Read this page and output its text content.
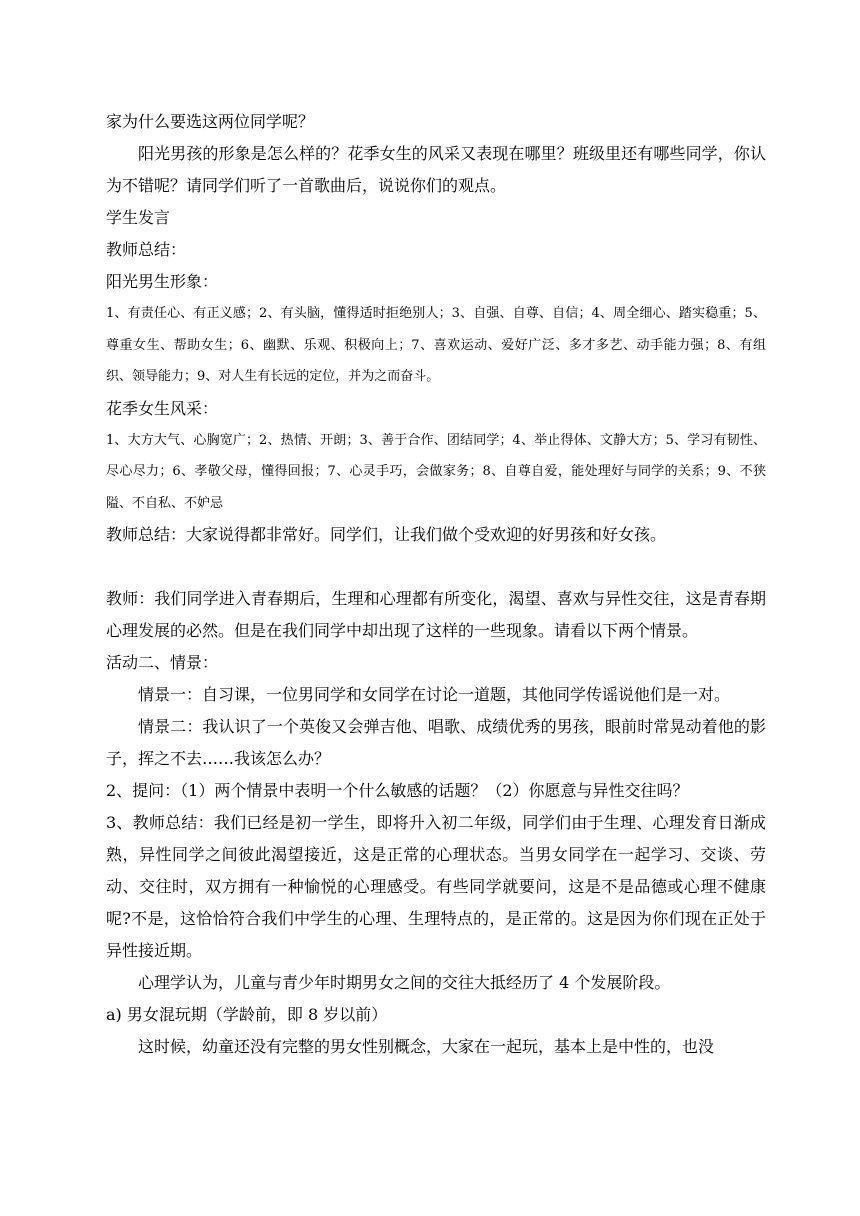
家为什么要选这两位同学呢？

阳光男孩的形象是怎么样的？花季女生的风采又表现在哪里？班级里还有哪些同学，你认为不错呢？请同学们听了一首歌曲后，说说你们的观点。

学生发言

教师总结：

阳光男生形象：

1、有责任心、有正义感；2、有头脑，懂得适时拒绝别人；3、自强、自尊、自信；4、周全细心、踏实稳重；5、尊重女生、帮助女生；6、幽默、乐观、积极向上；7、喜欢运动、爱好广泛、多才多艺、动手能力强；8、有组织、领导能力；9、对人生有长远的定位，并为之而奋斗。

花季女生风采：

1、大方大气、心胸宽广；2、热情、开朗；3、善于合作、团结同学；4、举止得体、文静大方；5、学习有韧性、尽心尽力；6、孝敬父母，懂得回报；7、心灵手巧，会做家务；8、自尊自爱，能处理好与同学的关系；9、不狭隘、不自私、不妒忌

教师总结：大家说得都非常好。同学们，让我们做个受欢迎的好男孩和好女孩。

教师：我们同学进入青春期后，生理和心理都有所变化，渴望、喜欢与异性交往，这是青春期心理发展的必然。但是在我们同学中却出现了这样的一些现象。请看以下两个情景。

活动二、情景：

情景一：自习课，一位男同学和女同学在讨论一道题，其他同学传谣说他们是一对。

情景二：我认识了一个英俊又会弹吉他、唱歌、成绩优秀的男孩，眼前时常晃动着他的影子，挥之不去……我该怎么办？

2、提问：（1）两个情景中表明一个什么敏感的话题？（2）你愿意与异性交往吗？

3、教师总结：我们已经是初一学生，即将升入初二年级，同学们由于生理、心理发育日渐成熟，异性同学之间彼此渴望接近，这是正常的心理状态。当男女同学在一起学习、交谈、劳动、交往时，双方拥有一种愉悦的心理感受。有些同学就要问，这是不是品德或心理不健康呢?不是，这恰恰符合我们中学生的心理、生理特点的，是正常的。这是因为你们现在正处于异性接近期。

心理学认为，儿童与青少年时期男女之间的交往大抵经历了 4 个发展阶段。

a) 男女混玩期（学龄前，即 8 岁以前）

这时候，幼童还没有完整的男女性别概念，大家在一起玩，基本上是中性的，也没
